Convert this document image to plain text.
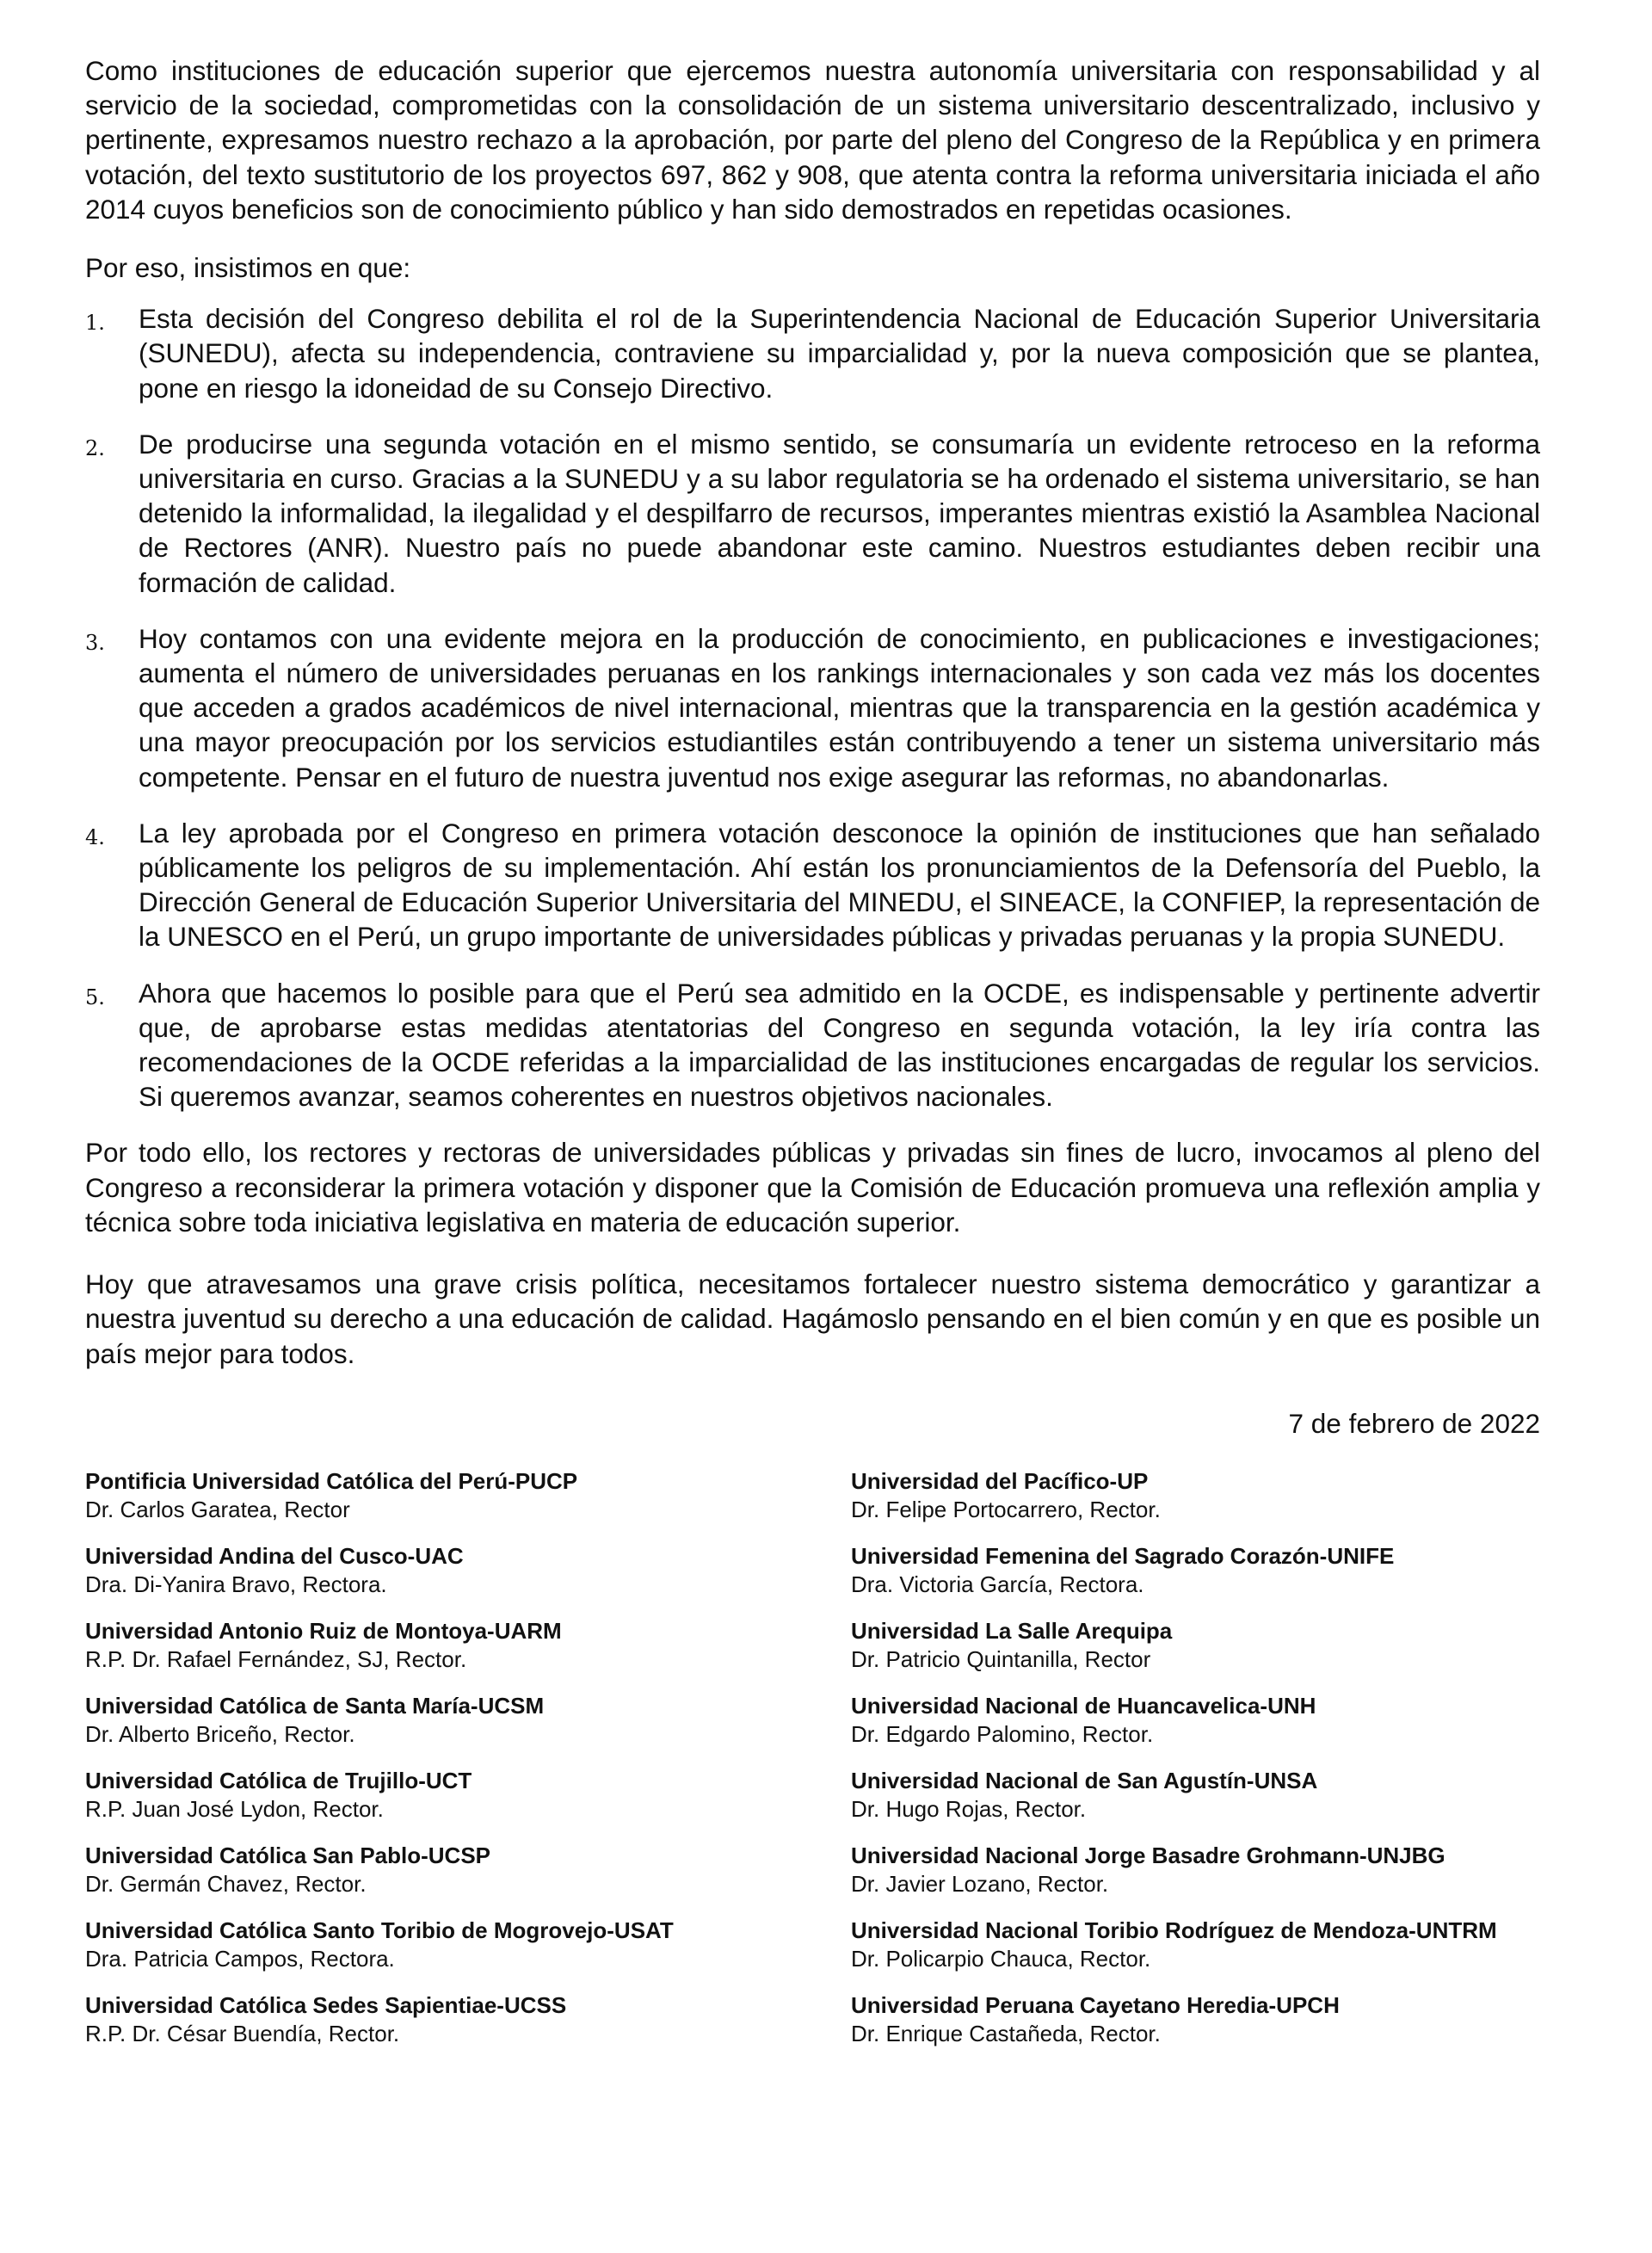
Como instituciones de educación superior que ejercemos nuestra autonomía universitaria con responsabilidad y al servicio de la sociedad, comprometidas con la consolidación de un sistema universitario descentralizado, inclusivo y pertinente, expresamos nuestro rechazo a la aprobación, por parte del pleno del Congreso de la República y en primera votación, del texto sustitutorio de los proyectos 697, 862 y 908, que atenta contra la reforma universitaria iniciada el año 2014 cuyos beneficios son de conocimiento público y han sido demostrados en repetidas ocasiones.

Por eso, insistimos en que:

1. Esta decisión del Congreso debilita el rol de la Superintendencia Nacional de Educación Superior Universitaria (SUNEDU), afecta su independencia, contraviene su imparcialidad y, por la nueva composición que se plantea, pone en riesgo la idoneidad de su Consejo Directivo.
2. De producirse una segunda votación en el mismo sentido, se consumaría un evidente retroceso en la reforma universitaria en curso. Gracias a la SUNEDU y a su labor regulatoria se ha ordenado el sistema universitario, se han detenido la informalidad, la ilegalidad y el despilfarro de recursos, imperantes mientras existió la Asamblea Nacional de Rectores (ANR). Nuestro país no puede abandonar este camino. Nuestros estudiantes deben recibir una formación de calidad.
3. Hoy contamos con una evidente mejora en la producción de conocimiento, en publicaciones e investigaciones; aumenta el número de universidades peruanas en los rankings internacionales y son cada vez más los docentes que acceden a grados académicos de nivel internacional, mientras que la transparencia en la gestión académica y una mayor preocupación por los servicios estudiantiles están contribuyendo a tener un sistema universitario más competente. Pensar en el futuro de nuestra juventud nos exige asegurar las reformas, no abandonarlas.
4. La ley aprobada por el Congreso en primera votación desconoce la opinión de instituciones que han señalado públicamente los peligros de su implementación. Ahí están los pronunciamientos de la Defensoría del Pueblo, la Dirección General de Educación Superior Universitaria del MINEDU, el SINEACE, la CONFIEP, la representación de la UNESCO en el Perú, un grupo importante de universidades públicas y privadas peruanas y la propia SUNEDU.
5. Ahora que hacemos lo posible para que el Perú sea admitido en la OCDE, es indispensable y pertinente advertir que, de aprobarse estas medidas atentatorias del Congreso en segunda votación, la ley iría contra las recomendaciones de la OCDE referidas a la imparcialidad de las instituciones encargadas de regular los servicios. Si queremos avanzar, seamos coherentes en nuestros objetivos nacionales.

Por todo ello, los rectores y rectoras de universidades públicas y privadas sin fines de lucro, invocamos al pleno del Congreso a reconsiderar la primera votación y disponer que la Comisión de Educación promueva una reflexión amplia y técnica sobre toda iniciativa legislativa en materia de educación superior.

Hoy que atravesamos una grave crisis política, necesitamos fortalecer nuestro sistema democrático y garantizar a nuestra juventud su derecho a una educación de calidad. Hagámoslo pensando en el bien común y en que es posible un país mejor para todos.

7 de febrero de 2022
Pontificia Universidad Católica del Perú-PUCP
Dr. Carlos Garatea, Rector
Universidad del Pacífico-UP
Dr. Felipe Portocarrero, Rector.
Universidad Andina del Cusco-UAC
Dra. Di-Yanira Bravo, Rectora.
Universidad Femenina del Sagrado Corazón-UNIFE
Dra. Victoria García, Rectora.
Universidad Antonio Ruiz de Montoya-UARM
R.P. Dr. Rafael Fernández, SJ, Rector.
Universidad La Salle Arequipa
Dr. Patricio Quintanilla, Rector
Universidad Católica de Santa María-UCSM
Dr. Alberto Briceño, Rector.
Universidad Nacional de Huancavelica-UNH
Dr. Edgardo Palomino, Rector.
Universidad Católica de Trujillo-UCT
R.P. Juan José Lydon, Rector.
Universidad Nacional de San Agustín-UNSA
Dr. Hugo Rojas, Rector.
Universidad Católica San Pablo-UCSP
Dr. Germán Chavez, Rector.
Universidad Nacional Jorge Basadre Grohmann-UNJBG
Dr. Javier Lozano, Rector.
Universidad Católica Santo Toribio de Mogrovejo-USAT
Dra. Patricia Campos, Rectora.
Universidad Nacional Toribio Rodríguez de Mendoza-UNTRM
Dr. Policarpio Chauca, Rector.
Universidad Católica Sedes Sapientiae-UCSS
R.P. Dr. César Buendía, Rector.
Universidad Peruana Cayetano Heredia-UPCH
Dr. Enrique Castañeda, Rector.
